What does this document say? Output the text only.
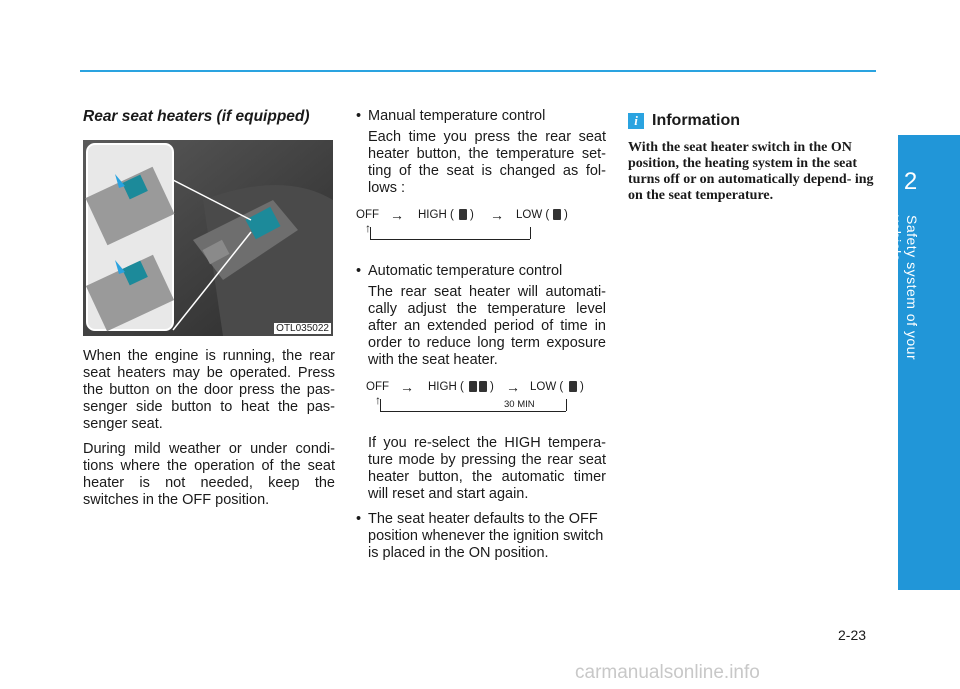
2
Safety system of your vehicle
Rear seat heaters (if equipped)
OTL035022

When the engine is running, the rear seat heaters may be operated. Press the button on the door press the pas- senger side button to heat the pas- senger seat.

During mild weather or under condi- tions where the operation of the seat heater is not needed, keep the switches in the OFF position.

• Manual temperature control

Each time you press the rear seat heater button, the temperature set- ting of the seat is changed as fol- lows :

OFF → HIGH ( ) → LOW ( )
↑
• Automatic temperature control

The rear seat heater will automati- cally adjust the temperature level after an extended period of time in order to reduce long term exposure with the seat heater.

OFF → HIGH ( ) → LOW ( )
↑	30 MIN

If you re-select the HIGH tempera- ture mode by pressing the rear seat heater button, the automatic timer will reset and start again.

• The seat heater defaults to the OFF position whenever the ignition switch is placed in the ON position.
i Information

With the seat heater switch in the ON position, the heating system in the seat turns off or on automatically depend- ing on the seat temperature.

2-23
carmanualsonline.info
